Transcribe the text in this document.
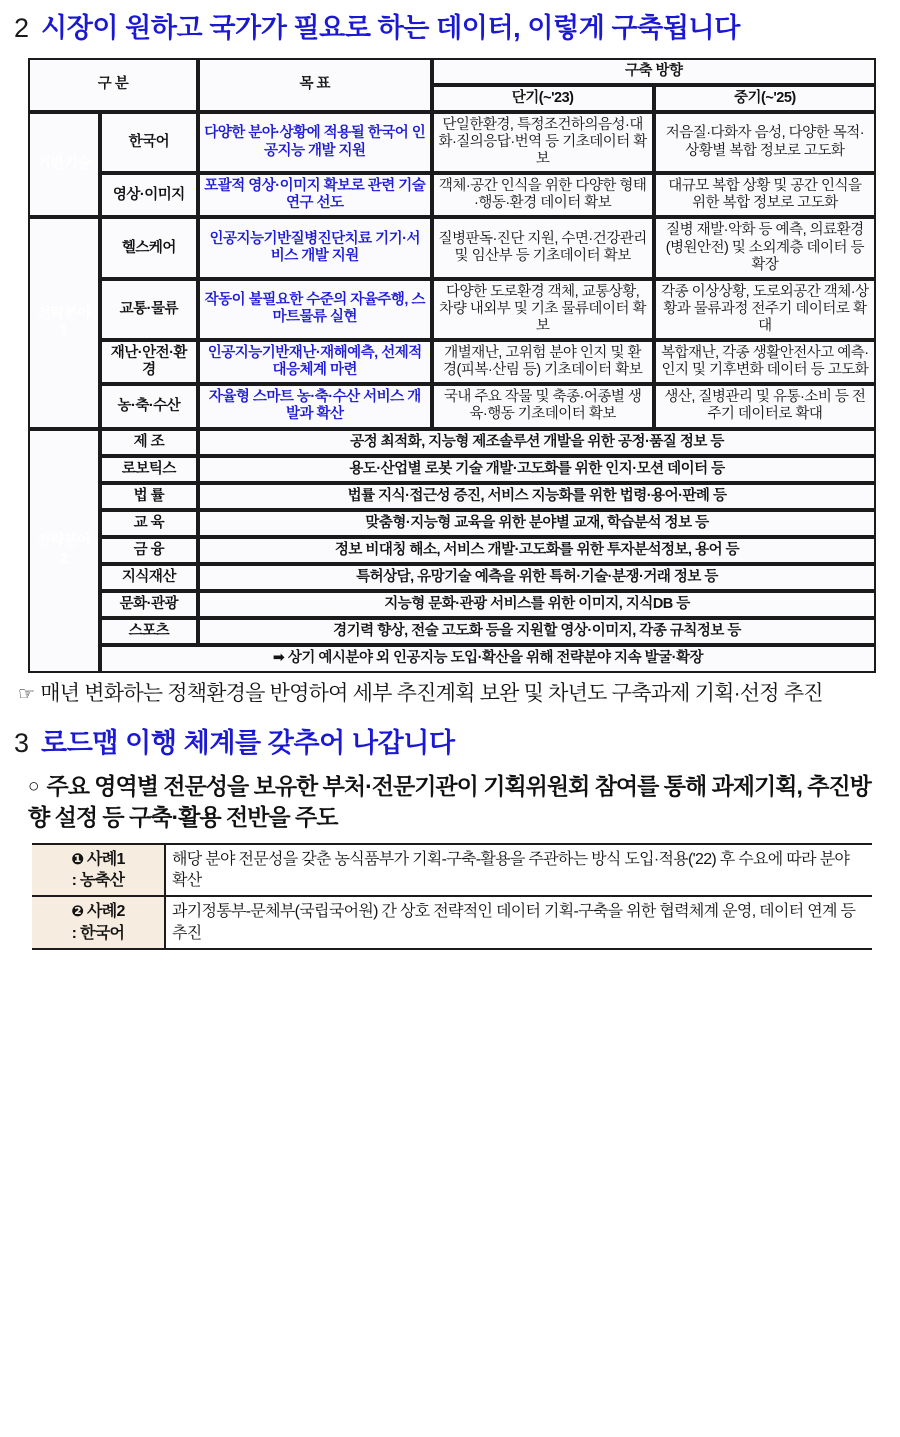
2 시장이 원하고 국가가 필요로 하는 데이터, 이렇게 구축됩니다
구 분		목 표	구축 방향	
			단기(~'23)	중기(~'25)
기반기술	한국어	다양한 분야·상황에 적용될 한국어 인공지능 개발 지원	단일한환경, 특정조건하의음성·대화·질의응답·번역 등 기초데이터 확보	저음질·다화자 음성, 다양한 목적·상황별 복합 정보로 고도화
	영상·이미지	포괄적 영상·이미지 확보로 관련 기술 연구 선도	객체·공간 인식을 위한 다양한 형태·행동·환경 데이터 확보	대규모 복합 상황 및 공간 인식을 위한 복합 정보로 고도화
전략분야1	헬스케어	인공지능기반질병진단치료 기기·서비스 개발 지원	질병판독·진단 지원, 수면·건강관리 및 임산부 등 기초데이터 확보	질병 재발·악화 등 예측, 의료환경(병원안전) 및 소외계층 데이터 등 확장
	교통·물류	작동이 불필요한 수준의 자율주행, 스마트물류 실현	다양한 도로환경 객체, 교통상황, 차량 내외부 및 기초 물류데이터 확보	각종 이상상황, 도로외공간 객체·상황과 물류과정 전주기 데이터로 확대
	재난·안전·환경	인공지능기반재난·재해예측, 선제적 대응체계 마련	개별재난, 고위험 분야 인지 및 환경(피복·산림 등) 기초데이터 확보	복합재난, 각종 생활안전사고 예측·인지 및 기후변화 데이터 등 고도화
	농·축·수산	자율형 스마트 농·축·수산 서비스 개발과 확산	국내 주요 작물 및 축종·어종별 생육·행동 기초데이터 확보	생산, 질병관리 및 유통·소비 등 전주기 데이터로 확대
전략분야2	제 조	공정 최적화, 지능형 제조솔루션 개발을 위한 공정·품질 정보 등		
	로보틱스	용도·산업별 로봇 기술 개발·고도화를 위한 인지·모션 데이터 등		
	법 률	법률 지식·접근성 증진, 서비스 지능화를 위한 법령·용어·판례 등		
	교 육	맞춤형·지능형 교육을 위한 분야별 교재, 학습분석 정보 등		
	금 융	정보 비대칭 해소, 서비스 개발·고도화를 위한 투자분석정보, 용어 등		
	지식재산	특허상담, 유망기술 예측을 위한 특허·기술·분쟁·거래 정보 등		
	문화·관광	지능형 문화·관광 서비스를 위한 이미지, 지식DB 등		
	스포츠	경기력 향상, 전술 고도화 등을 지원할 영상·이미지, 각종 규칙정보 등		
	➡ 상기 예시분야 외 인공지능 도입·확산을 위해 전략분야 지속 발굴·확장			
☞ 매년 변화하는 정책환경을 반영하여 세부 추진계획 보완 및 차년도 구축과제 기획·선정 추진
3 로드맵 이행 체계를 갖추어 나갑니다
○ 주요 영역별 전문성을 보유한 부처·전문기관이 기획위원회 참여를 통해 과제기획, 추진방향 설정 등 구축·활용 전반을 주도
❶ 사례1
: 농축산	해당 분야 전문성을 갖춘 농식품부가 기획-구축-활용을 주관하는 방식 도입·적용('22) 후 수요에 따라 분야 확산

❷ 사례2
: 한국어	과기정통부-문체부(국립국어원) 간 상호 전략적인 데이터 기획-구축을 위한 협력체계 운영, 데이터 연계 등 추진
